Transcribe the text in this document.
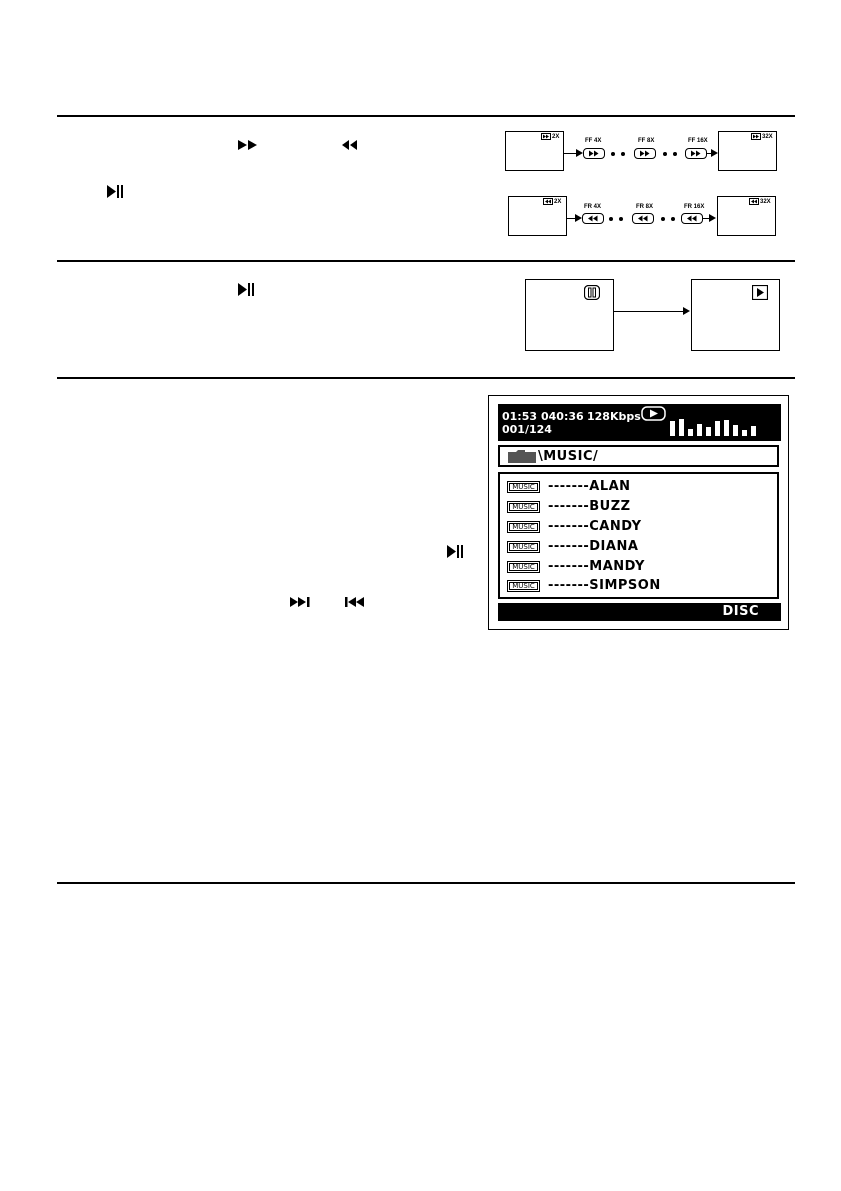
2X
FF 4X	FF 8X	FF 16X
32X
2X
FR 4X	FR 8X	FR 16X
32X
01:53 040:36 128Kbps
001/124
\MUSIC/
MUSIC	-------ALAN
MUSIC	-------BUZZ
MUSIC	-------CANDY
MUSIC	-------DIANA
MUSIC	-------MANDY
MUSIC	-------SIMPSON
DISC
